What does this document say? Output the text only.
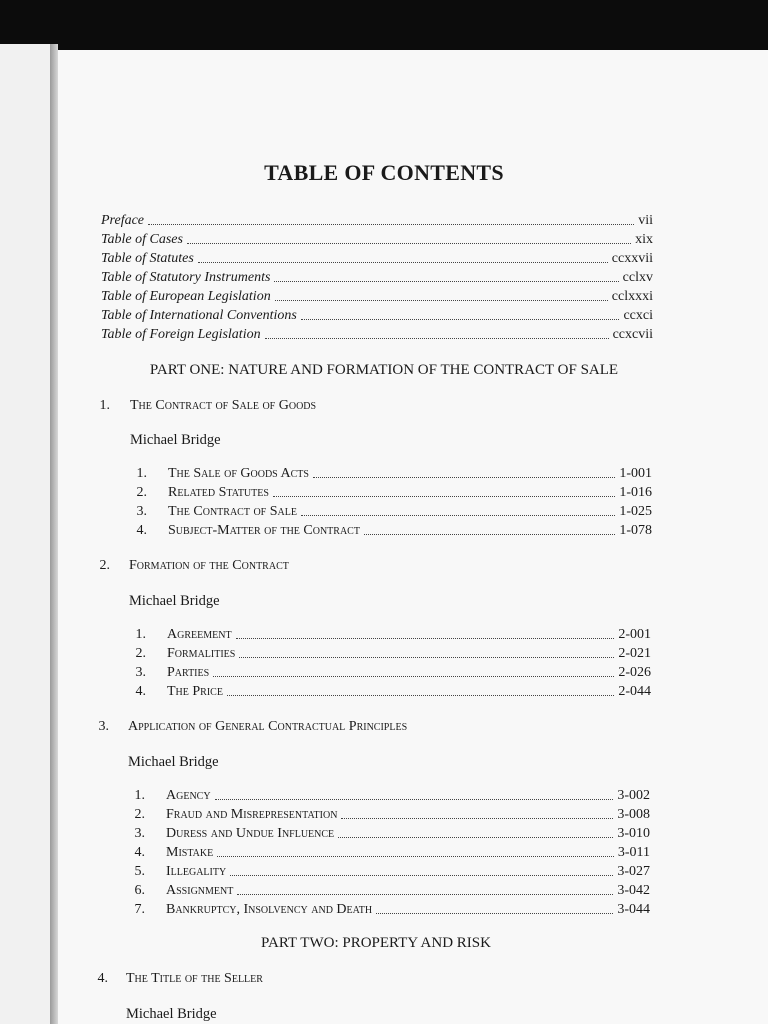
TABLE OF CONTENTS
Preface	vii
Table of Cases	xix
Table of Statutes	ccxxvii
Table of Statutory Instruments	cclxv
Table of European Legislation	cclxxxi
Table of International Conventions	ccxci
Table of Foreign Legislation	ccxcvii
PART ONE: NATURE AND FORMATION OF THE CONTRACT OF SALE
1. The Contract of Sale of Goods
Michael Bridge
1. The Sale of Goods Acts	1-001
2. Related Statutes	1-016
3. The Contract of Sale	1-025
4. Subject-Matter of the Contract	1-078
2. Formation of the Contract
Michael Bridge
1. Agreement	2-001
2. Formalities	2-021
3. Parties	2-026
4. The Price	2-044
3. Application of General Contractual Principles
Michael Bridge
1. Agency	3-002
2. Fraud and Misrepresentation	3-008
3. Duress and Undue Influence	3-010
4. Mistake	3-011
5. Illegality	3-027
6. Assignment	3-042
7. Bankruptcy, Insolvency and Death	3-044
PART TWO: PROPERTY AND RISK
4. The Title of the Seller
Michael Bridge
